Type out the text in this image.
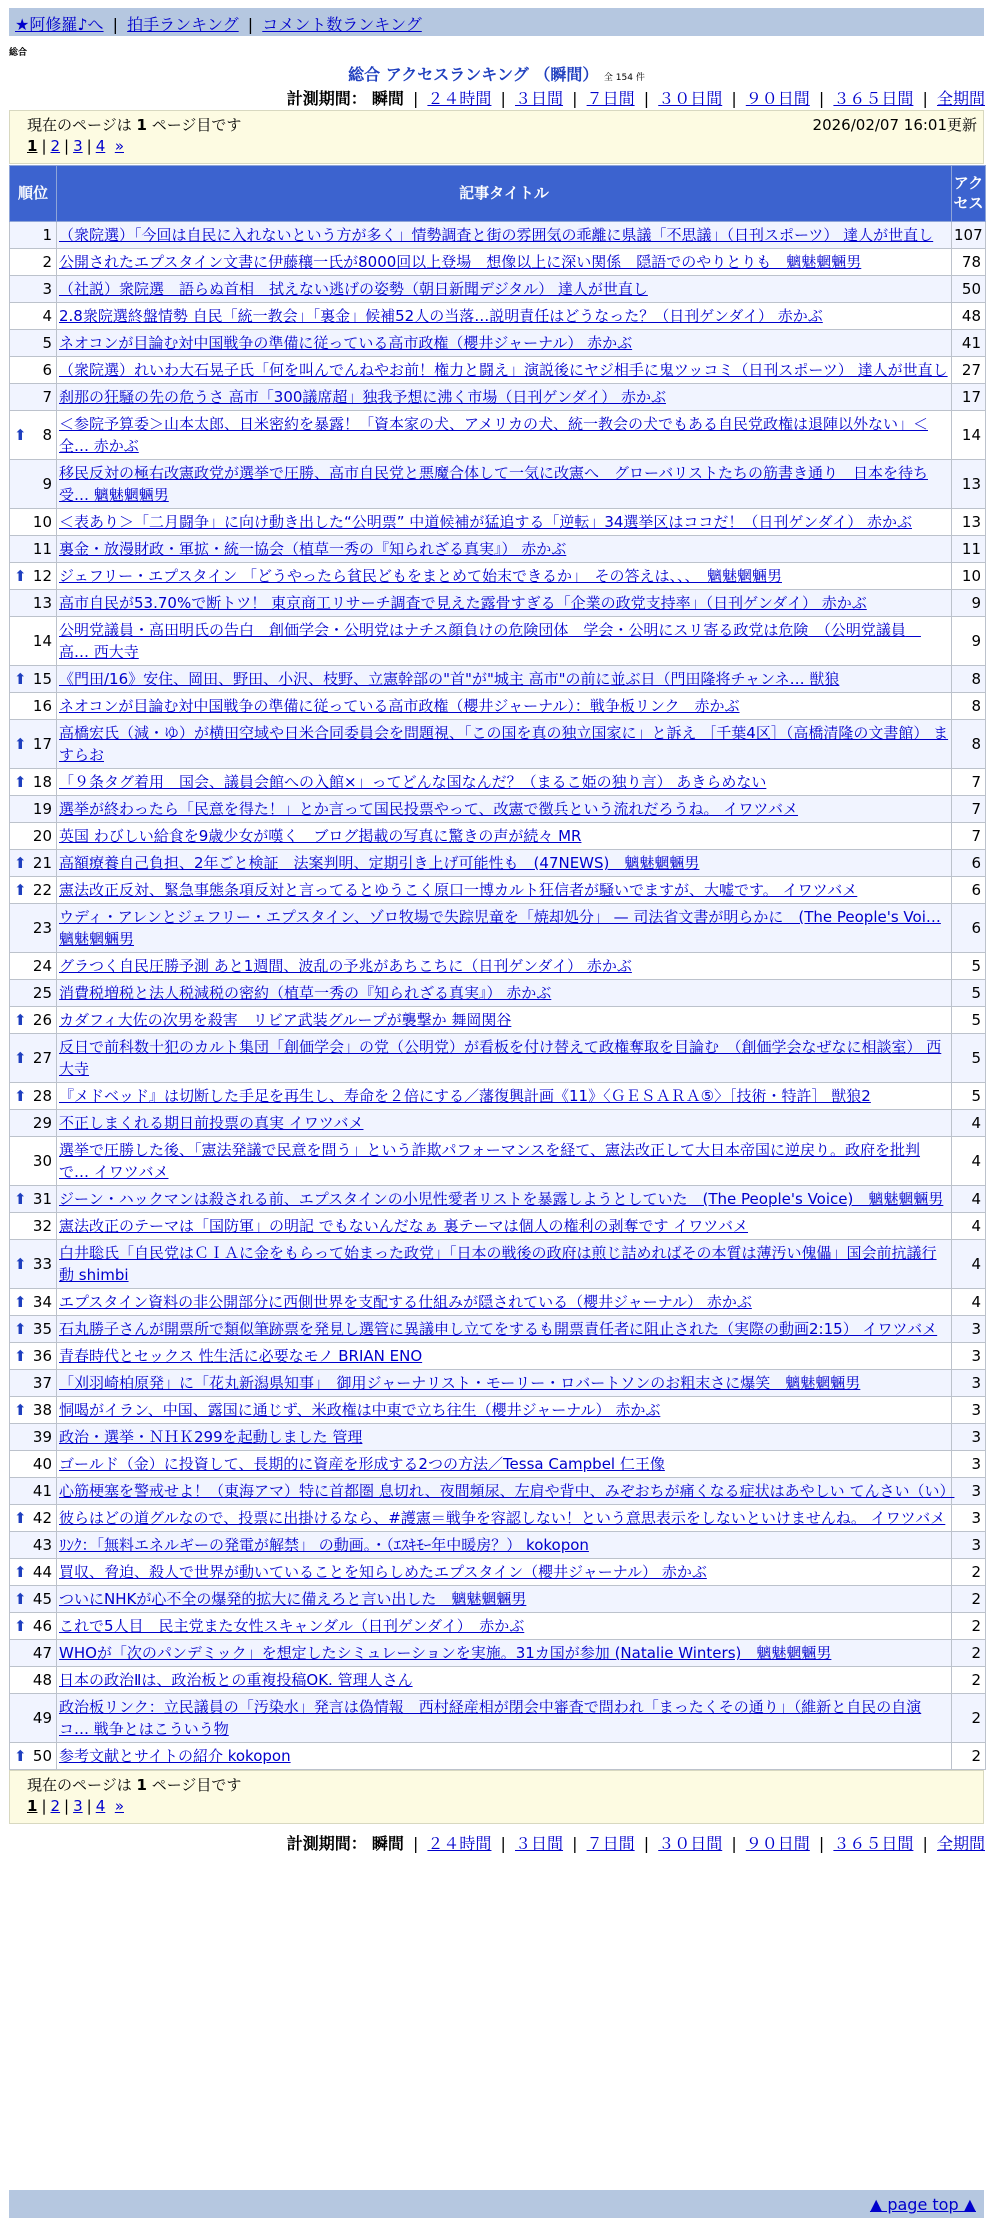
★阿修羅♪へ | 拍手ランキング | コメント数ランキング
総合
総合 アクセスランキング （瞬間） 全 154 件
計測期間： 瞬間 | ２４時間 | ３日間 | ７日間 | ３０日間 | ９０日間 | ３６５日間 | 全期間
現在のページは 1 ページ目です	2026/02/07 16:01更新
1 | 2 | 3 | 4 »
順位	記事タイトル	アクセス
1	（衆院選）「今回は自民に入れないという方が多く」情勢調査と街の雰囲気の乖離に県議「不思議」（日刊スポーツ） 達人が世直し	107
2	公開されたエプスタイン文書に伊藤穰一氏が8000回以上登場　想像以上に深い関係　隠語でのやりとりも　魑魅魍魎男	78
3	（社説）衆院選　語らぬ首相　拭えない逃げの姿勢（朝日新聞デジタル） 達人が世直し	50
4	2.8衆院選終盤情勢 自民「統一教会」「裏金」候補52人の当落…説明責任はどうなった？（日刊ゲンダイ） 赤かぶ	48
5	ネオコンが目論む対中国戦争の準備に従っている高市政権（櫻井ジャーナル） 赤かぶ	41
6	（衆院選）れいわ大石晃子氏「何を叫んでんねやお前！権力と闘え」演説後にヤジ相手に鬼ツッコミ（日刊スポーツ） 達人が世直し	27
7	刹那の狂騒の先の危うさ 高市「300議席超」独我予想に沸く市場（日刊ゲンダイ） 赤かぶ	17

⬆ 8	＜参院予算委＞山本太郎、日米密約を暴露！「資本家の犬、アメリカの犬、統一教会の犬でもある自民党政権は退陣以外ない」＜全… 赤かぶ	14
9	移民反対の極右改憲政党が選挙で圧勝、高市自民党と悪魔合体して一気に改憲へ　グローバリストたちの筋書き通り　日本を待ち受… 魑魅魍魎男	13
10	＜表あり＞「二月闘争」に向け動き出した“公明票” 中道候補が猛追する「逆転」34選挙区はココだ！（日刊ゲンダイ） 赤かぶ	13
11	裏金・放漫財政・軍拡・統一協会（植草一秀の『知られざる真実』） 赤かぶ	11

⬆ 12	ジェフリー・エプスタイン 「どうやったら貧民どもをまとめて始末できるか」　その答えは、、、　魑魅魍魎男	10
13	高市自民が53.70%で断トツ！ 東京商工リサーチ調査で見えた露骨すぎる「企業の政党支持率」（日刊ゲンダイ） 赤かぶ	9
14	公明党議員・高田明氏の告白　創価学会・公明党はナチス顔負けの危険団体　学会・公明にスリ寄る政党は危険　（公明党議員　高… 西大寺	9

⬆ 15	《門田/16》安住、岡田、野田、小沢、枝野、立憲幹部の"首"が"城主 高市"の前に並ぶ日（門田隆将チャンネ… 獣狼	8
16	ネオコンが目論む対中国戦争の準備に従っている高市政権（櫻井ジャーナル）：戦争板リンク　赤かぶ	8

⬆ 17	高橋宏氏（減・ゆ）が横田空域や日米合同委員会を問題視、「この国を真の独立国家に」と訴え ［千葉4区］（高橋清隆の文書館） ますらお	8

⬆ 18	「９条タグ着用　国会、議員会館への入館×」ってどんな国なんだ？（まるこ姫の独り言） あきらめない	7
19	選挙が終わったら「民意を得た！」とか言って国民投票やって、改憲で徴兵という流れだろうね。 イワツバメ	7
20	英国 わびしい給食を9歳少女が嘆く　ブログ掲載の写真に驚きの声が続々 MR	7

⬆ 21	高額療養自己負担、2年ごと検証　法案判明、定期引き上げ可能性も　(47NEWS)　魑魅魍魎男	6

⬆ 22	憲法改正反対、緊急事態条項反対と言ってるとゆうこく原口一博カルト狂信者が騒いでますが、大嘘です。 イワツバメ	6
23	ウディ・アレンとジェフリー・エプスタイン、ゾロ牧場で失踪児童を「焼却処分」 — 司法省文書が明らかに　(The People's Voi… 魑魅魍魎男	6
24	グラつく自民圧勝予測 あと1週間、波乱の予兆があちこちに（日刊ゲンダイ） 赤かぶ	5
25	消費税増税と法人税減税の密約（植草一秀の『知られざる真実』） 赤かぶ	5

⬆ 26	カダフィ大佐の次男を殺害　リビア武装グループが襲撃か 舞岡関谷	5

⬆ 27	反日で前科数十犯のカルト集団「創価学会」の党（公明党）が看板を付け替えて政権奪取を目論む　（創価学会なぜなに相談室） 西大寺	5

⬆ 28	『メドベッド』は切断した手足を再生し、寿命を２倍にする／藩復興計画《11》〈ＧＥＳＡＲＡ⑤〉［技術・特許］ 獣狼2	5
29	不正しまくれる期日前投票の真実 イワツバメ	4
30	選挙で圧勝した後、「憲法発議で民意を問う」という詐欺パフォーマンスを経て、憲法改正して大日本帝国に逆戻り。政府を批判で… イワツバメ	4

⬆ 31	ジーン・ハックマンは殺される前、エプスタインの小児性愛者リストを暴露しようとしていた　(The People's Voice)　魑魅魍魎男	4
32	憲法改正のテーマは「国防軍」の明記 でもないんだなぁ 裏テーマは個人の権利の剥奪です イワツバメ	4

⬆ 33	白井聡氏「自民党はＣＩＡに金をもらって始まった政党」「日本の戦後の政府は煎じ詰めればその本質は薄汚い傀儡」国会前抗議行動 shimbi	4

⬆ 34	エプスタイン資料の非公開部分に西側世界を支配する仕組みが隠されている（櫻井ジャーナル） 赤かぶ	4

⬆ 35	石丸勝子さんが開票所で類似筆跡票を発見し選管に異議申し立てをするも開票責任者に阻止された（実際の動画2:15） イワツバメ	3

⬆ 36	青春時代とセックス 性生活に必要なモノ BRIAN ENO	3
37	「刈羽崎柏原発」に「花丸新潟県知事」　御用ジャーナリスト・モーリー・ロバートソンのお粗末さに爆笑　魑魅魍魎男	3

⬆ 38	恫喝がイラン、中国、露国に通じず、米政権は中東で立ち往生（櫻井ジャーナル） 赤かぶ	3
39	政治・選挙・ＮＨＫ299を起動しました 管理	3
40	ゴールド（金）に投資して、長期的に資産を形成する2つの方法／Tessa Campbel 仁王像	3
41	心筋梗塞を警戒せよ！（東海アマ）特に首都圏 息切れ、夜間頻尿、左肩や背中、みぞおちが痛くなる症状はあやしい てんさい（い）	3

⬆ 42	彼らはどの道グルなので、投票に出掛けるなら、#護憲＝戦争を容認しない！という意思表示をしないといけませんね。 イワツバメ	3
43	ﾘﾝｸ：「無料エネルギーの発電が解禁」 の動画。・（ｴｽｷﾓｰ年中暖房？） kokopon	3

⬆ 44	買収、脅迫、殺人で世界が動いていることを知らしめたエプスタイン（櫻井ジャーナル） 赤かぶ	2

⬆ 45	ついにNHKが心不全の爆発的拡大に備えろと言い出した　魑魅魍魎男	2

⬆ 46	これで5人目　民主党また女性スキャンダル（日刊ゲンダイ）　赤かぶ	2
47	WHOが「次のパンデミック」を想定したシミュレーションを実施。31カ国が参加 (Natalie Winters)　魑魅魍魎男	2
48	日本の政治Ⅱは、政治板との重複投稿OK. 管理人さん	2
49	政治板リンク：立民議員の「汚染水」発言は偽情報　西村経産相が閉会中審査で問われ「まったくその通り」（維新と自民の自演コ… 戦争とはこういう物	2

⬆ 50	参考文献とサイトの紹介 kokopon	2
現在のページは 1 ページ目です
1 | 2 | 3 | 4 »
計測期間： 瞬間 | ２４時間 | ３日間 | ７日間 | ３０日間 | ９０日間 | ３６５日間 | 全期間
▲ page top ▲
